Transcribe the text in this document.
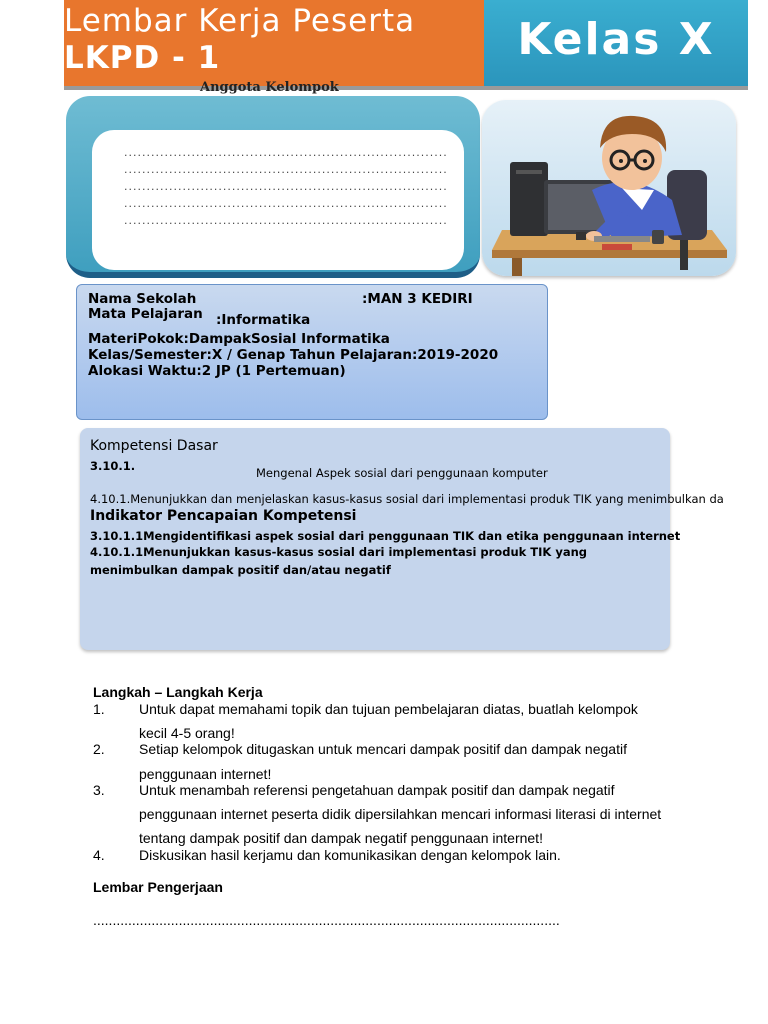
Lembar Kerja Peserta
LKPD - 1	Kelas X
Anggota Kelompok
........................................................................
........................................................................
........................................................................
........................................................................
........................................................................
Nama Sekolah	:MAN 3 KEDIRI
Mata Pelajaran :Informatika
MateriPokok:DampakSosial Informatika
Kelas/Semester:X / Genap Tahun Pelajaran:2019-2020
Alokasi Waktu:2 JP (1 Pertemuan)
Kompetensi Dasar
3.10.1.	Mengenal Aspek sosial dari penggunaan komputer
4.10.1.Menunjukkan dan menjelaskan kasus-kasus sosial dari implementasi produk TIK yang menimbulkan da
Indikator Pencapaian Kompetensi
3.10.1.1Mengidentifikasi aspek sosial dari penggunaan TIK dan etika penggunaan internet
4.10.1.1Menunjukkan kasus-kasus sosial dari implementasi produk TIK yang
menimbulkan dampak positif dan/atau negatif
Langkah – Langkah Kerja
1. Untuk dapat memahami topik dan tujuan pembelajaran diatas, buatlah kelompok
kecil 4-5 orang!
2. Setiap kelompok ditugaskan untuk mencari dampak positif dan dampak negatif
penggunaan internet!
3. Untuk menambah referensi pengetahuan dampak positif dan dampak negatif
penggunaan internet peserta didik dipersilahkan mencari informasi literasi di internet
tentang dampak positif dan dampak negatif penggunaan internet!
4. Diskusikan hasil kerjamu dan komunikasikan dengan kelompok lain.
Lembar Pengerjaan
........................................................................................................................
